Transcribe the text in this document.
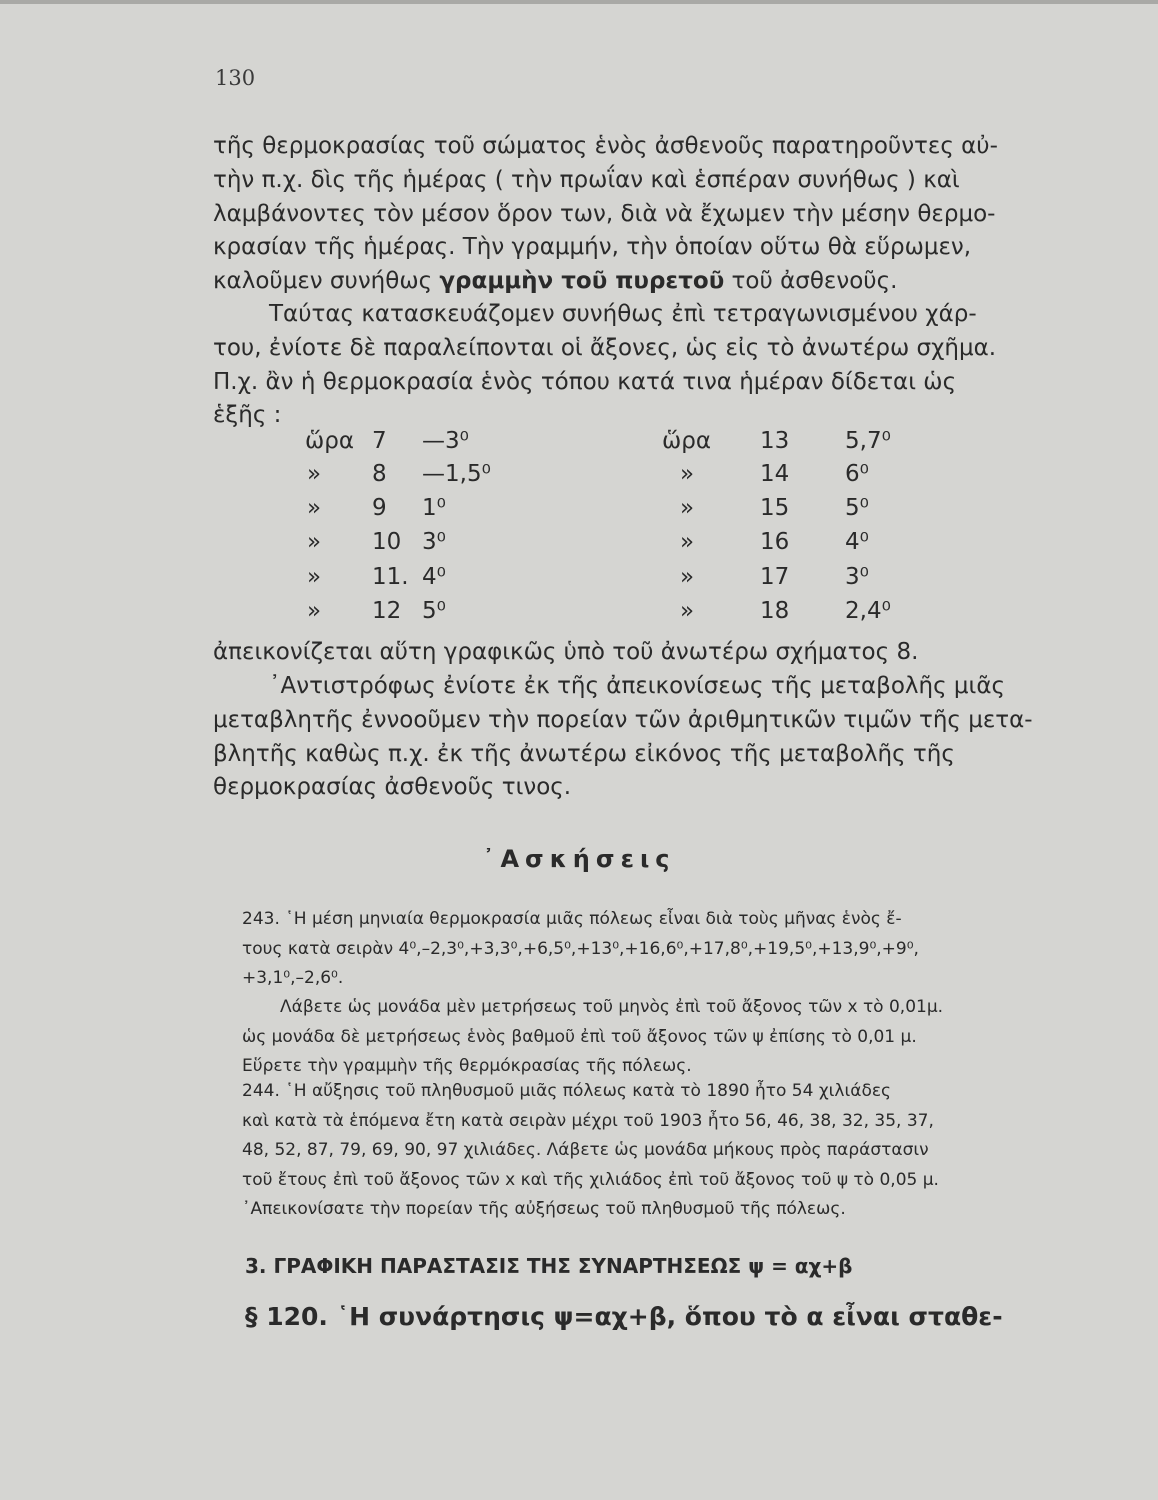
130
τῆς θερμοκρασίας τοῦ σώματος ἑνὸς ἀσθενοῦς παρατηροῦντες αὐ-
τὴν π.χ. δὶς τῆς ἡμέρας ( τὴν πρωΐαν καὶ ἑσπέραν συνήθως ) καὶ
λαμβάνοντες τὸν μέσον ὅρον των, διὰ νὰ ἔχωμεν τὴν μέσην θερμο-
κρασίαν τῆς ἡμέρας. Τὴν γραμμήν, τὴν ὁποίαν οὕτω θὰ εὕρωμεν,
καλοῦμεν συνήθως γραμμὴν τοῦ πυρετοῦ τοῦ ἀσθενοῦς.
Ταύτας κατασκευάζομεν συνήθως ἐπὶ τετραγωνισμένου χάρ-
του, ἐνίοτε δὲ παραλείπονται οἱ ἄξονες, ὡς εἰς τὸ ἀνωτέρω σχῆμα.
Π.χ. ἂν ἡ θερμοκρασία ἑνὸς τόπου κατά τινα ἡμέραν δίδεται ὡς
ἑξῆς :
ὥρα 7 —3⁰	ὥρα 13 5,7⁰
» 8 —1,5⁰	»	14 6⁰
» 9 1⁰	»	15 5⁰
» 10 3⁰	»	16 4⁰
» 11. 4⁰	»	17 3⁰
» 12 5⁰	»	18 2,4⁰
ἀπεικονίζεται αὕτη γραφικῶς ὑπὸ τοῦ ἀνωτέρω σχήματος 8.
᾿Αντιστρόφως ἐνίοτε ἐκ τῆς ἀπεικονίσεως τῆς μεταβολῆς μιᾶς
μεταβλητῆς ἐννοοῦμεν τὴν πορείαν τῶν ἀριθμητικῶν τιμῶν τῆς μετα-
βλητῆς καθὼς π.χ. ἐκ τῆς ἀνωτέρω εἰκόνος τῆς μεταβολῆς τῆς
θερμοκρασίας ἀσθενοῦς τινος.
᾿Ασκήσεις
243. ῾Η μέση μηνιαία θερμοκρασία μιᾶς πόλεως εἶναι διὰ τοὺς μῆνας ἑνὸς ἔ-
τους κατὰ σειρὰν 4⁰,–2,3⁰,+3,3⁰,+6,5⁰,+13⁰,+16,6⁰,+17,8⁰,+19,5⁰,+13,9⁰,+9⁰,
+3,1⁰,–2,6⁰.
Λάβετε ὡς μονάδα μὲν μετρήσεως τοῦ μηνὸς ἐπὶ τοῦ ἄξονος τῶν x τὸ 0,01μ.
ὡς μονάδα δὲ μετρήσεως ἑνὸς βαθμοῦ ἐπὶ τοῦ ἄξονος τῶν ψ ἐπίσης τὸ 0,01 μ.
Εὕρετε τὴν γραμμὴν τῆς θερμόκρασίας τῆς πόλεως.
244. ῾Η αὔξησις τοῦ πληθυσμοῦ μιᾶς πόλεως κατὰ τὸ 1890 ἦτο 54 χιλιάδες
καὶ κατὰ τὰ ἑπόμενα ἔτη κατὰ σειρὰν μέχρι τοῦ 1903 ἦτο 56, 46, 38, 32, 35, 37,
48, 52, 87, 79, 69, 90, 97 χιλιάδες. Λάβετε ὡς μονάδα μήκους πρὸς παράστασιν
τοῦ ἔτους ἐπὶ τοῦ ἄξονος τῶν x καὶ τῆς χιλιάδος ἐπὶ τοῦ ἄξονος τοῦ ψ τὸ 0,05 μ.
᾿Απεικονίσατε τὴν πορείαν τῆς αὐξήσεως τοῦ πληθυσμοῦ τῆς πόλεως.
3. ΓΡΑΦΙΚΗ ΠΑΡΑΣΤΑΣΙΣ ΤΗΣ ΣΥΝΑΡΤΗΣΕΩΣ ψ = αχ+β
§ 120. ῾Η συνάρτησις ψ=αχ+β, ὅπου τὸ α εἶναι σταθε-
